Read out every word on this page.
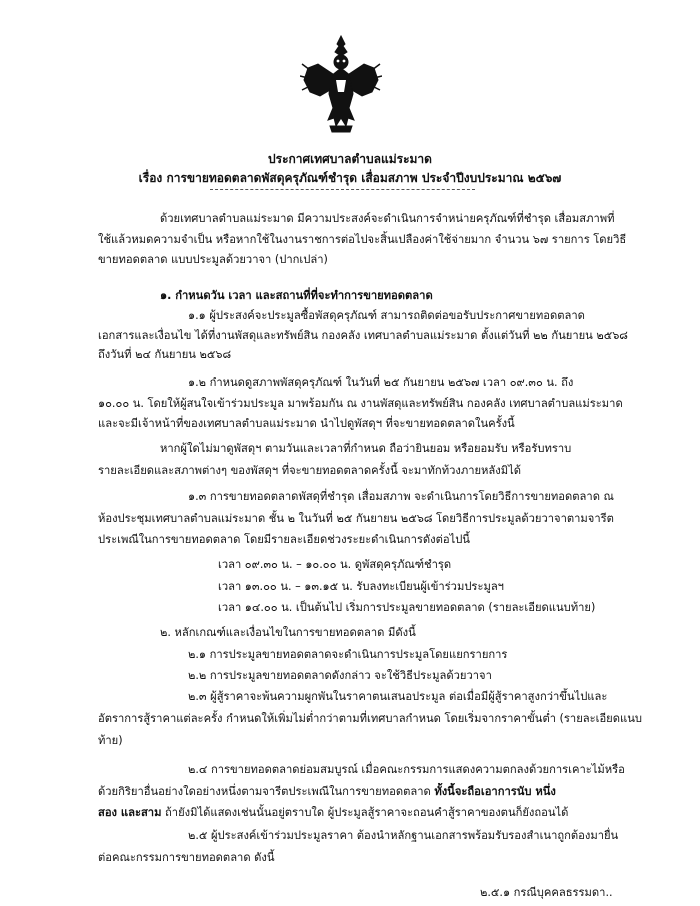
ประกาศเทศบาลตำบลแม่ระมาด
เรื่อง การขายทอดตลาดพัสดุครุภัณฑ์ชำรุด เสื่อมสภาพ ประจำปีงบประมาณ ๒๕๖๗
ด้วยเทศบาลตำบลแม่ระมาด มีความประสงค์จะดำเนินการจำหน่ายครุภัณฑ์ที่ชำรุด เสื่อมสภาพที่
ใช้แล้วหมดความจำเป็น หรือหากใช้ในงานราชการต่อไปจะสิ้นเปลืองค่าใช้จ่ายมาก จำนวน ๖๗ รายการ โดยวิธี
ขายทอดตลาด แบบประมูลด้วยวาจา (ปากเปล่า)
๑. กำหนดวัน เวลา และสถานที่ที่จะทำการขายทอดตลาด
๑.๑ ผู้ประสงค์จะประมูลซื้อพัสดุครุภัณฑ์ สามารถติดต่อขอรับประกาศขายทอดตลาด
เอกสารและเงื่อนไข ได้ที่งานพัสดุและทรัพย์สิน กองคลัง เทศบาลตำบลแม่ระมาด ตั้งแต่วันที่ ๒๒ กันยายน ๒๕๖๘
ถึงวันที่ ๒๔ กันยายน ๒๕๖๘
๑.๒ กำหนดดูสภาพพัสดุครุภัณฑ์ ในวันที่ ๒๕ กันยายน ๒๕๖๗ เวลา ๐๙.๓๐ น. ถึง
๑๐.๐๐ น. โดยให้ผู้สนใจเข้าร่วมประมูล มาพร้อมกัน ณ งานพัสดุและทรัพย์สิน กองคลัง เทศบาลตำบลแม่ระมาด
และจะมีเจ้าหน้าที่ของเทศบาลตำบลแม่ระมาด นำไปดูพัสดุฯ ที่จะขายทอดตลาดในครั้งนี้
หากผู้ใดไม่มาดูพัสดุฯ ตามวันและเวลาที่กำหนด ถือว่ายินยอม หรือยอมรับ หรือรับทราบ
รายละเอียดและสภาพต่างๆ ของพัสดุฯ ที่จะขายทอดตลาดครั้งนี้ จะมาทักท้วงภายหลังมิได้
๑.๓ การขายทอดตลาดพัสดุที่ชำรุด เสื่อมสภาพ จะดำเนินการโดยวิธีการขายทอดตลาด ณ
ห้องประชุมเทศบาลตำบลแม่ระมาด ชั้น ๒ ในวันที่ ๒๕ กันยายน ๒๕๖๘ โดยวิธีการประมูลด้วยวาจาตามจารีต
ประเพณีในการขายทอดตลาด โดยมีรายละเอียดช่วงระยะดำเนินการดังต่อไปนี้
เวลา ๐๙.๓๐ น. – ๑๐.๐๐ น. ดูพัสดุครุภัณฑ์ชำรุด
เวลา ๑๓.๐๐ น. – ๑๓.๑๕ น. รับลงทะเบียนผู้เข้าร่วมประมูลฯ
เวลา ๑๔.๐๐ น. เป็นต้นไป เริ่มการประมูลขายทอดตลาด (รายละเอียดแนบท้าย)
๒. หลักเกณฑ์และเงื่อนไขในการขายทอดตลาด มีดังนี้
๒.๑ การประมูลขายทอดตลาดจะดำเนินการประมูลโดยแยกรายการ
๒.๒ การประมูลขายทอดตลาดดังกล่าว จะใช้วิธีประมูลด้วยวาจา
๒.๓ ผู้สู้ราคาจะพ้นความผูกพันในราคาตนเสนอประมูล ต่อเมื่อมีผู้สู้ราคาสูงกว่าขึ้นไปและ
อัตราการสู้ราคาแต่ละครั้ง กำหนดให้เพิ่มไม่ต่ำกว่าตามที่เทศบาลกำหนด โดยเริ่มจากราคาขั้นต่ำ (รายละเอียดแนบ
ท้าย)
๒.๔ การขายทอดตลาดย่อมสมบูรณ์ เมื่อคณะกรรมการแสดงความตกลงด้วยการเคาะไม้หรือ
ด้วยกิริยาอื่นอย่างใดอย่างหนึ่งตามจารีตประเพณีในการขายทอดตลาด ทั้งนี้จะถือเอาการนับ หนึ่ง
สอง และสาม ถ้ายังมิได้แสดงเช่นนั้นอยู่ตราบใด ผู้ประมูลสู้ราคาจะถอนคำสู้ราคาของตนก็ยังถอนได้
๒.๕ ผู้ประสงค์เข้าร่วมประมูลราคา ต้องนำหลักฐานเอกสารพร้อมรับรองสำเนาถูกต้องมายื่น
ต่อคณะกรรมการขายทอดตลาด ดังนี้
๒.๕.๑ กรณีบุคคลธรรมดา..
